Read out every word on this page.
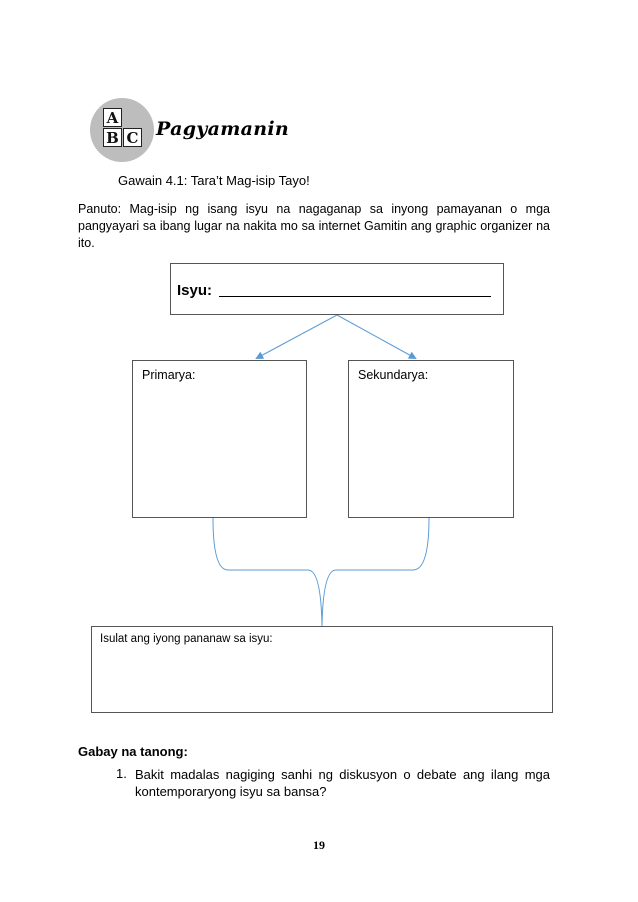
A
B C Pagyamanin
Gawain 4.1: Tara’t Mag-isip Tayo!
Panuto: Mag-isip ng isang isyu na nagaganap sa inyong pamayanan o mga pangyayari sa ibang lugar na nakita mo sa internet Gamitin ang graphic organizer na ito.
Isyu:
Primarya:	Sekundarya:
Isulat ang iyong pananaw sa isyu:
Gabay na tanong:
1. Bakit madalas nagiging sanhi ng diskusyon o debate ang ilang mga kontemporaryong isyu sa bansa?
19
